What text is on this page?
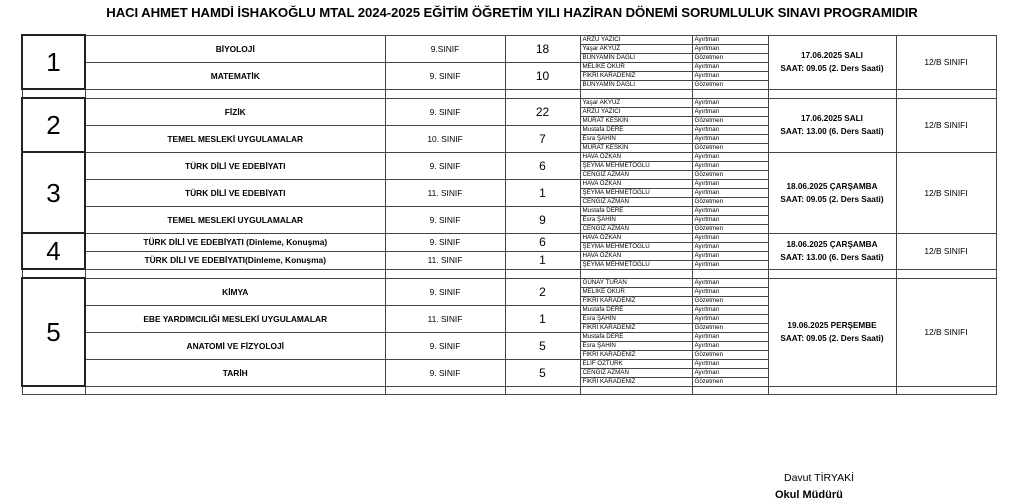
HACI AHMET HAMDİ İSHAKOĞLU MTAL 2024-2025 EĞİTİM ÖĞRETİM YILI HAZİRAN DÖNEMİ SORUMLULUK SINAVI PROGRAMIDIR
1	BİYOLOJİ	9.SINIF	18	ARZU YAZICI	Ayırtman	17.06.2025 SALI
SAAT: 09.05 (2. Ders Saati)	12/B SINIFI
				Yaşar AKYÜZ	Ayırtman		
				BÜNYAMİN DAĞLI	Gözetmen		
	MATEMATİK	9. SINIF	10	MELİKE OKUR	Ayırtman		
				FİKRİ KARADENİZ	Ayırtman		
				BÜNYAMİN DAĞLI	Gözetmen		

2	FİZİK	9. SINIF	22	Yaşar AKYÜZ	Ayırtman	17.06.2025 SALI
SAAT: 13.00 (6. Ders Saati)	12/B SINIFI
				ARZU YAZICI	Ayırtman		
				MURAT KESKİN	Gözetmen		
	TEMEL MESLEKİ UYGULAMALAR	10. SINIF	7	Mustafa DERE	Ayırtman		
				Esra ŞAHİN	Ayırtman		
				MURAT KESKİN	Gözetmen		
3	TÜRK DİLİ VE EDEBİYATI	9. SINIF	6	HAVA ÖZKAN	Ayırtman	18.06.2025 ÇARŞAMBA
SAAT: 09.05 (2. Ders Saati)	12/B SINIFI
				ŞEYMA MEHMETOĞLU	Ayırtman		
				CENGİZ AZMAN	Gözetmen		
	TÜRK DİLİ VE EDEBİYATI	11. SINIF	1	HAVA ÖZKAN	Ayırtman		
				ŞEYMA MEHMETOĞLU	Ayırtman		
				CENGİZ AZMAN	Gözetmen		
	TEMEL MESLEKİ UYGULAMALAR	9. SINIF	9	Mustafa DERE	Ayırtman		
				Esra ŞAHİN	Ayırtman		
				CENGİZ AZMAN	Gözetmen		
4	TÜRK DİLİ VE EDEBİYATI (Dinleme, Konuşma)	9. SINIF	6	HAVA ÖZKAN	Ayırtman	18.06.2025 ÇARŞAMBA
SAAT: 13.00 (6. Ders Saati)	12/B SINIFI
				ŞEYMA MEHMETOĞLU	Ayırtman		
	TÜRK DİLİ VE EDEBİYATI(Dinleme, Konuşma)	11. SINIF	1	HAVA ÖZKAN	Ayırtman		
				ŞEYMA MEHMETOĞLU	Ayırtman		

5	KİMYA	9. SINIF	2	GÜNAY TURAN	Ayırtman	19.06.2025 PERŞEMBE
SAAT: 09.05 (2. Ders Saati)	12/B SINIFI
				MELİKE OKUR	Ayırtman		
				FİKRİ KARADENİZ	Gözetmen		
	EBE YARDIMCILIĞI MESLEKİ UYGULAMALAR	11. SINIF	1	Mustafa DERE	Ayırtman		
				Esra ŞAHİN	Ayırtman		
				FİKRİ KARADENİZ	Gözetmen		
	ANATOMİ VE FİZYOLOJİ	9. SINIF	5	Mustafa DERE	Ayırtman		
				Esra ŞAHİN	Ayırtman		
				FİKRİ KARADENİZ	Gözetmen		
	TARİH	9. SINIF	5	ELİF ÖZTÜRK	Ayırtman		
				CENGİZ AZMAN	Ayırtman		
				FİKRİ KARADENİZ	Gözetmen		

Davut TİRYAKİ
Okul Müdürü
